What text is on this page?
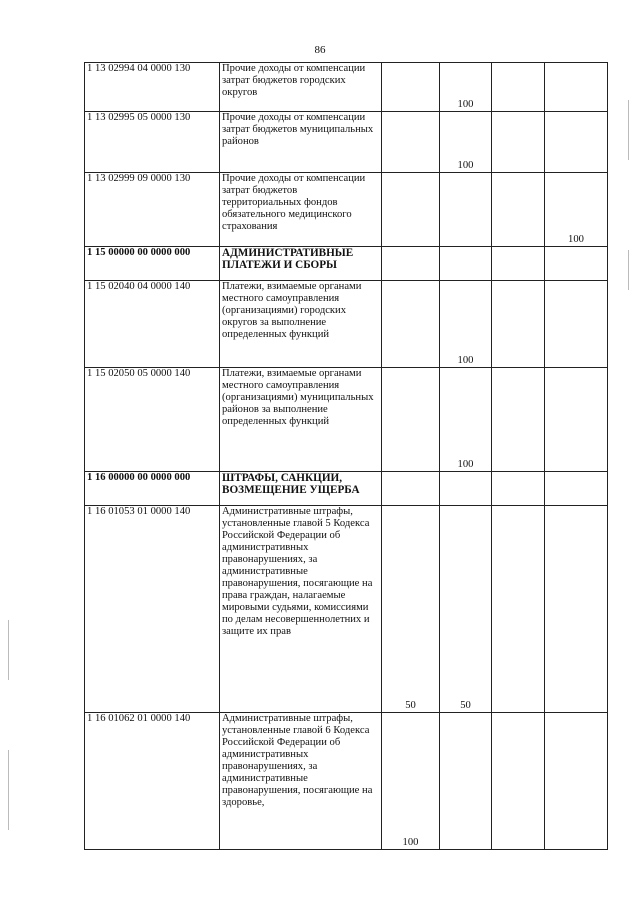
86
1 13 02994 04 0000 130	Прочие доходы от компенсации затрат бюджетов городских округов		100		
1 13 02995 05 0000 130	Прочие доходы от компенсации затрат бюджетов муниципальных районов		100		
1 13 02999 09 0000 130	Прочие доходы от компенсации затрат бюджетов территориальных фондов обязательного медицинского страхования				100
1 15 00000 00 0000 000	АДМИНИСТРАТИВНЫЕ ПЛАТЕЖИ И СБОРЫ				
1 15 02040 04 0000 140	Платежи, взимаемые органами местного самоуправления (организациями) городских округов за выполнение определенных функций		100		
1 15 02050 05 0000 140	Платежи, взимаемые органами местного самоуправления (организациями) муниципальных районов за выполнение определенных функций		100		
1 16 00000 00 0000 000	ШТРАФЫ, САНКЦИИ, ВОЗМЕЩЕНИЕ УЩЕРБА				
1 16 01053 01 0000 140	Административные штрафы, установленные главой 5 Кодекса Российской Федерации об административных правонарушениях, за административные правонарушения, посягающие на права граждан, налагаемые мировыми судьями, комиссиями по делам несовершеннолетних и защите их прав	50	50		
1 16 01062 01 0000 140	Административные штрафы, установленные главой 6 Кодекса Российской Федерации об административных правонарушениях, за административные правонарушения, посягающие на здоровье,	100			
